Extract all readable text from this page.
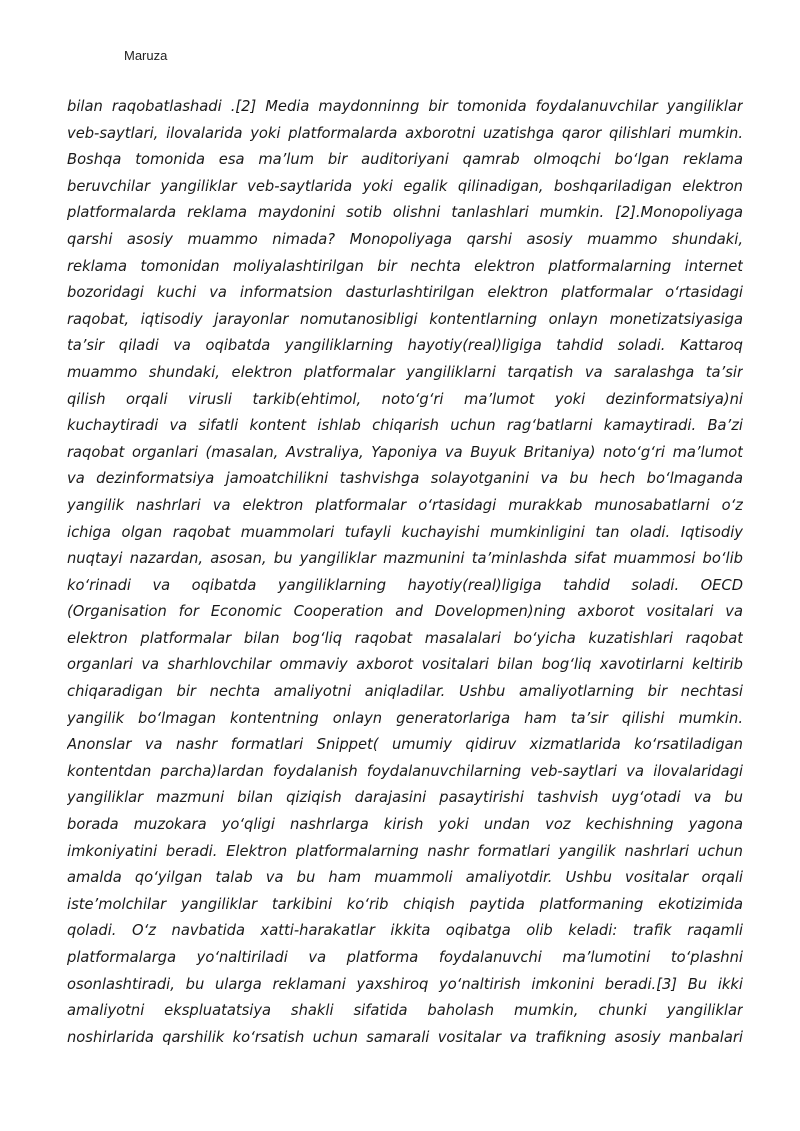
Maruza
bilan raqobatlashadi .[2] Media maydonninng bir tomonida foydalanuvchilar yangiliklar
veb-saytlari, ilovalarida yoki platformalarda axborotni uzatishga qaror qilishlari mumkin.
Boshqa tomonida esa ma’lum bir auditoriyani qamrab olmoqchi bo‘lgan reklama
beruvchilar yangiliklar veb-saytlarida yoki egalik qilinadigan, boshqariladigan elektron
platformalarda reklama maydonini sotib olishni tanlashlari mumkin. [2].Monopoliyaga
qarshi asosiy muammo nimada? Monopoliyaga qarshi asosiy muammo shundaki,
reklama tomonidan moliyalashtirilgan bir nechta elektron platformalarning internet
bozoridagi kuchi va informatsion dasturlashtirilgan elektron platformalar o‘rtasidagi
raqobat, iqtisodiy jarayonlar nomutanosibligi kontentlarning onlayn monetizatsiyasiga
ta’sir qiladi va oqibatda yangiliklarning hayotiy(real)ligiga tahdid soladi. Kattaroq
muammo shundaki, elektron platformalar yangiliklarni tarqatish va saralashga ta’sir
qilish orqali virusli tarkib(ehtimol, noto‘g‘ri ma’lumot yoki dezinformatsiya)ni
kuchaytiradi va sifatli kontent ishlab chiqarish uchun rag‘batlarni kamaytiradi. Ba’zi
raqobat organlari (masalan, Avstraliya, Yaponiya va Buyuk Britaniya) noto‘g‘ri ma’lumot
va dezinformatsiya jamoatchilikni tashvishga solayotganini va bu hech bo‘lmaganda
yangilik nashrlari va elektron platformalar o‘rtasidagi murakkab munosabatlarni o‘z
ichiga olgan raqobat muammolari tufayli kuchayishi mumkinligini tan oladi. Iqtisodiy
nuqtayi nazardan, asosan, bu yangiliklar mazmunini ta’minlashda sifat muammosi bo‘lib
ko‘rinadi va oqibatda yangiliklarning hayotiy(real)ligiga tahdid soladi. OECD
(Organisation for Economic Cooperation and Dovelopmen)ning axborot vositalari va
elektron platformalar bilan bog‘liq raqobat masalalari bo‘yicha kuzatishlari raqobat
organlari va sharhlovchilar ommaviy axborot vositalari bilan bog‘liq xavotirlarni keltirib
chiqaradigan bir nechta amaliyotni aniqladilar. Ushbu amaliyotlarning bir nechtasi
yangilik bo‘lmagan kontentning onlayn generatorlariga ham ta’sir qilishi mumkin.
Anonslar va nashr formatlari Snippet( umumiy qidiruv xizmatlarida ko‘rsatiladigan
kontentdan parcha)lardan foydalanish foydalanuvchilarning veb-saytlari va ilovalaridagi
yangiliklar mazmuni bilan qiziqish darajasini pasaytirishi tashvish uyg‘otadi va bu
borada muzokara yo‘qligi nashrlarga kirish yoki undan voz kechishning yagona
imkoniyatini beradi. Elektron platformalarning nashr formatlari yangilik nashrlari uchun
amalda qo‘yilgan talab va bu ham muammoli amaliyotdir. Ushbu vositalar orqali
iste’molchilar yangiliklar tarkibini ko‘rib chiqish paytida platformaning ekotizimida
qoladi. O‘z navbatida xatti-harakatlar ikkita oqibatga olib keladi: trafik raqamli
platformalarga yo‘naltiriladi va platforma foydalanuvchi ma’lumotini to‘plashni
osonlashtiradi, bu ularga reklamani yaxshiroq yo‘naltirish imkonini beradi.[3] Bu ikki
amaliyotni ekspluatatsiya shakli sifatida baholash mumkin, chunki yangiliklar
noshirlarida qarshilik ko‘rsatish uchun samarali vositalar va trafikning asosiy manbalari
